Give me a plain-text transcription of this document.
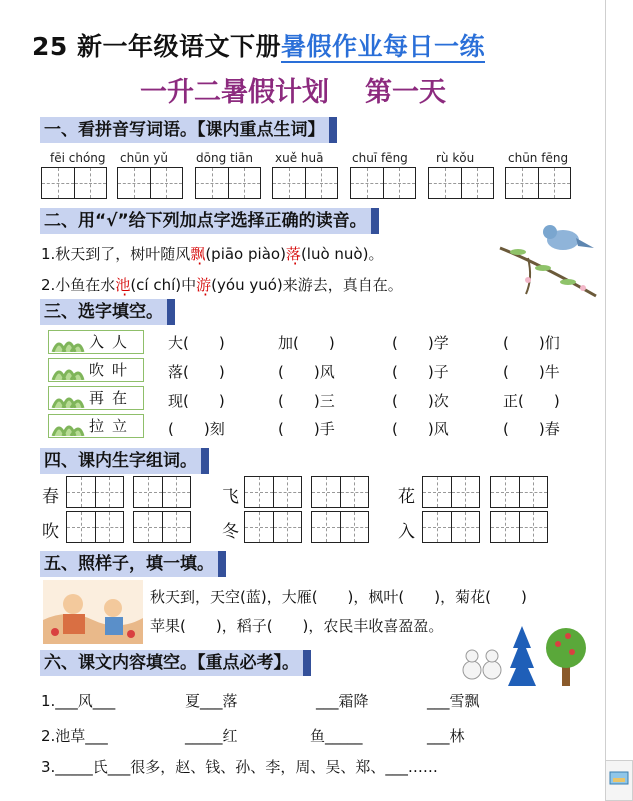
25 新一年级语文下册暑假作业每日一练
一升二暑假计划 第一天
一、看拼音写词语。【课内重点生词】
fēi chóng chūn yǔ dōng tiān xuě huā chuī fēng rù kǒu	chūn fēng
二、用“√”给下列加点字选择正确的读音。
1.秋天到了，树叶随风飘(piāo piào)落(luò nuò)。
2.小鱼在水池(cí chí)中游(yóu yuó)来游去，真自在。
三、选字填空。
入人
吹叶
再在
拉立
大(　　)	加(　　)	(　　)学	(　　)们
落(　　)	(　　)风	(　　)子	(　　)牛
现(　　)	(　　)三	(　　)次	正(　　)
(　　)刻	(　　)手	(　　)风	(　　)春
四、课内生字组词。
春	飞	花
吹	冬	入
五、照样子，填一填。
秋天到，天空(蓝)，大雁(　　)，枫叶(　　)，菊花(　　)
苹果(　　)，稻子(　　)，农民丰收喜盈盈。
六、课文内容填空。【重点必考】。
1.___风___	夏___落	___霜降	___雪飘
2.池草___	_____红	鱼_____	___林
3._____氏___很多，赵、钱、孙、李，周、吴、郑、___……
